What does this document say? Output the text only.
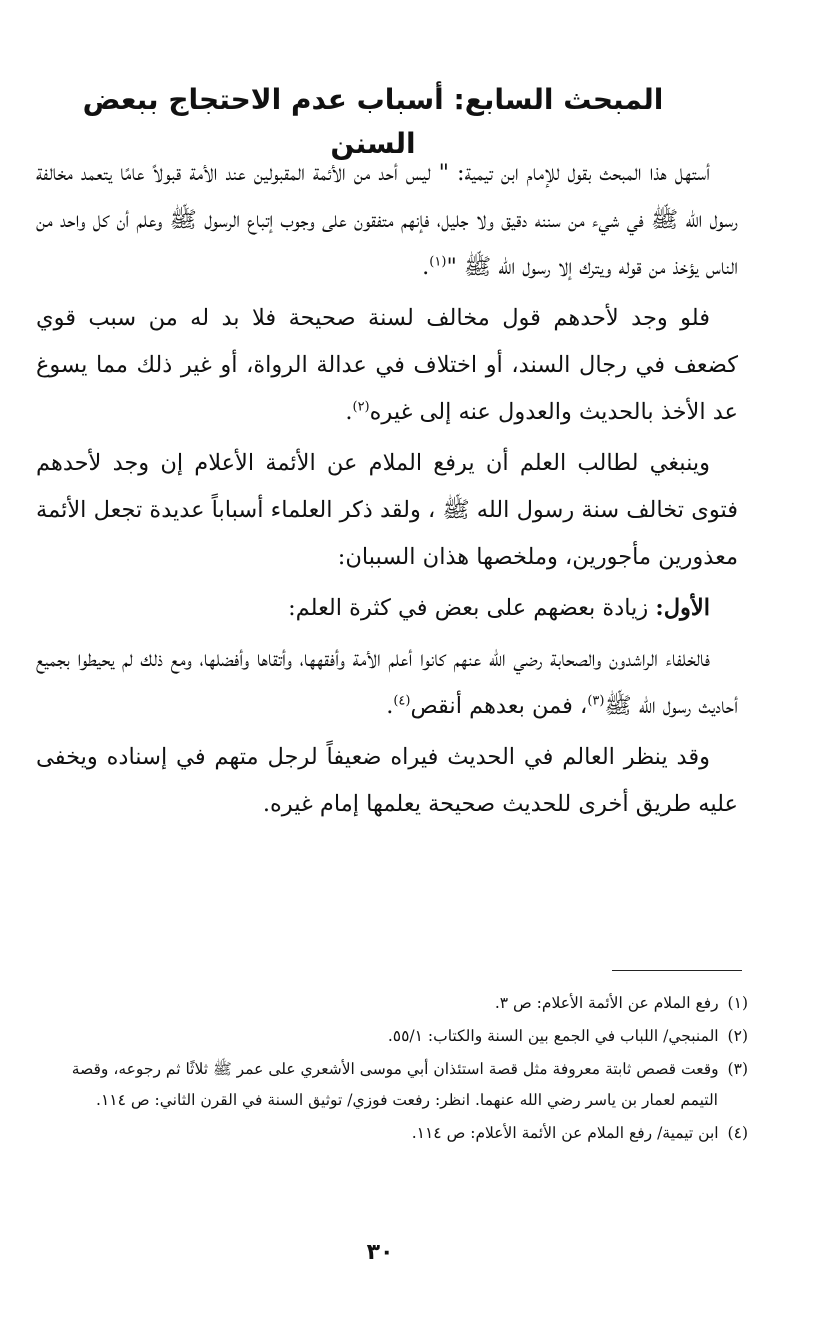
المبحث السابع: أسباب عدم الاحتجاج ببعض السنن

أستهل هذا المبحث بقول للإمام ابن تيمية: " ليس أحد من الأئمة المقبولين عند الأمة قبولاً عامًا يتعمد مخالفة رسول الله ﷺ في شيء من سننه دقيق ولا جليل، فإنهم متفقون على وجوب إتباع الرسول ﷺ وعلم أن كل واحد من الناس يؤخذ من قوله ويترك إلا رسول الله ﷺ "$^{(١)}$.

فلو وجد لأحدهم قول مخالف لسنة صحيحة فلا بد له من سبب قوي كضعف في رجال السند، أو اختلاف في عدالة الرواة، أو غير ذلك مما يسوغ عد الأخذ بالحديث والعدول عنه إلى غيره$^{(٢)}$.

وينبغي لطالب العلم أن يرفع الملام عن الأئمة الأعلام إن وجد لأحدهم فتوى تخالف سنة رسول الله ﷺ ، ولقد ذكر العلماء أسباباً عديدة تجعل الأئمة معذورين مأجورين، وملخصها هذان السببان:

الأول: زيادة بعضهم على بعض في كثرة العلم:

فالخلفاء الراشدون والصحابة رضي الله عنهم كانوا أعلم الأمة وأفقهها، وأتقاها وأفضلها، ومع ذلك لم يحيطوا بجميع أحاديث رسول الله ﷺ$^{(٣)}$، فمن بعدهم أنقص$^{(٤)}$.

وقد ينظر العالم في الحديث فيراه ضعيفاً لرجل متهم في إسناده ويخفى عليه طريق أخرى للحديث صحيحة يعلمها إمام غيره.

(١) رفع الملام عن الأئمة الأعلام: ص ٣.
(٢) المنبجي/ اللباب في الجمع بين السنة والكتاب: ٥٥/١.
(٣) وقعت قصص ثابتة معروفة مثل قصة استئذان أبي موسى الأشعري على عمر ﷺ ثلاثًا ثم رجوعه، وقصة
التيمم لعمار بن ياسر رضي الله عنهما. انظر: رفعت فوزي/ توثيق السنة في القرن الثاني: ص ١١٤.
(٤) ابن تيمية/ رفع الملام عن الأئمة الأعلام: ص ١١٤.
٣٠
